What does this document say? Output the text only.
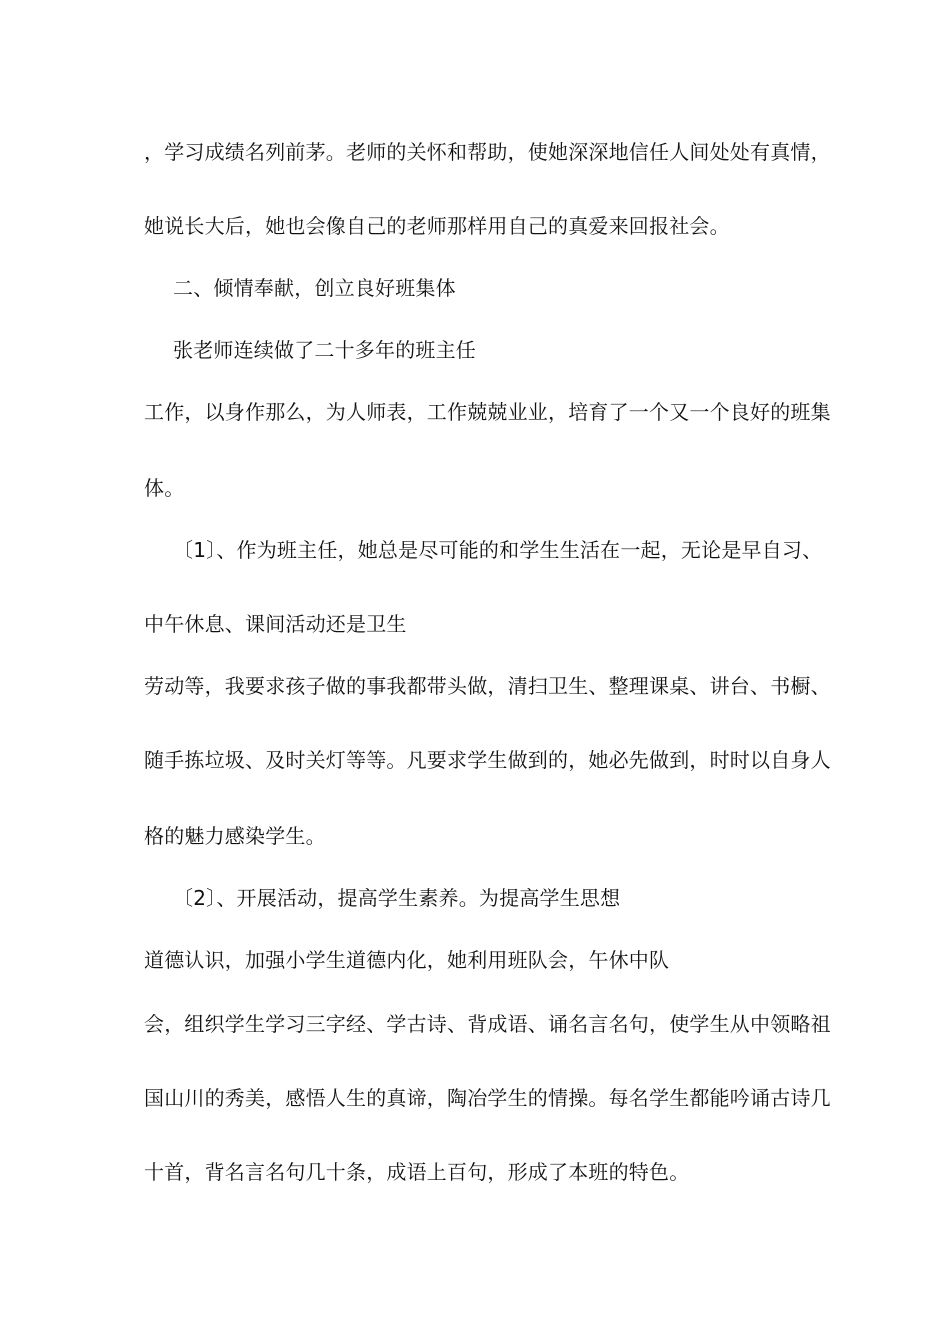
，学习成绩名列前茅。老师的关怀和帮助，使她深深地信任人间处处有真情，

她说长大后，她也会像自己的老师那样用自己的真爱来回报社会。

二、倾情奉献，创立良好班集体

张老师连续做了二十多年的班主任

工作，以身作那么，为人师表，工作兢兢业业，培育了一个又一个良好的班集

体。

〔1〕、作为班主任，她总是尽可能的和学生生活在一起，无论是早自习、

中午休息、课间活动还是卫生

劳动等，我要求孩子做的事我都带头做，清扫卫生、整理课桌、讲台、书橱、

随手拣垃圾、及时关灯等等。凡要求学生做到的，她必先做到，时时以自身人

格的魅力感染学生。

〔2〕、开展活动，提高学生素养。为提高学生思想

道德认识，加强小学生道德内化，她利用班队会，午休中队

会，组织学生学习三字经、学古诗、背成语、诵名言名句，使学生从中领略祖

国山川的秀美，感悟人生的真谛，陶冶学生的情操。每名学生都能吟诵古诗几

十首，背名言名句几十条，成语上百句，形成了本班的特色。
